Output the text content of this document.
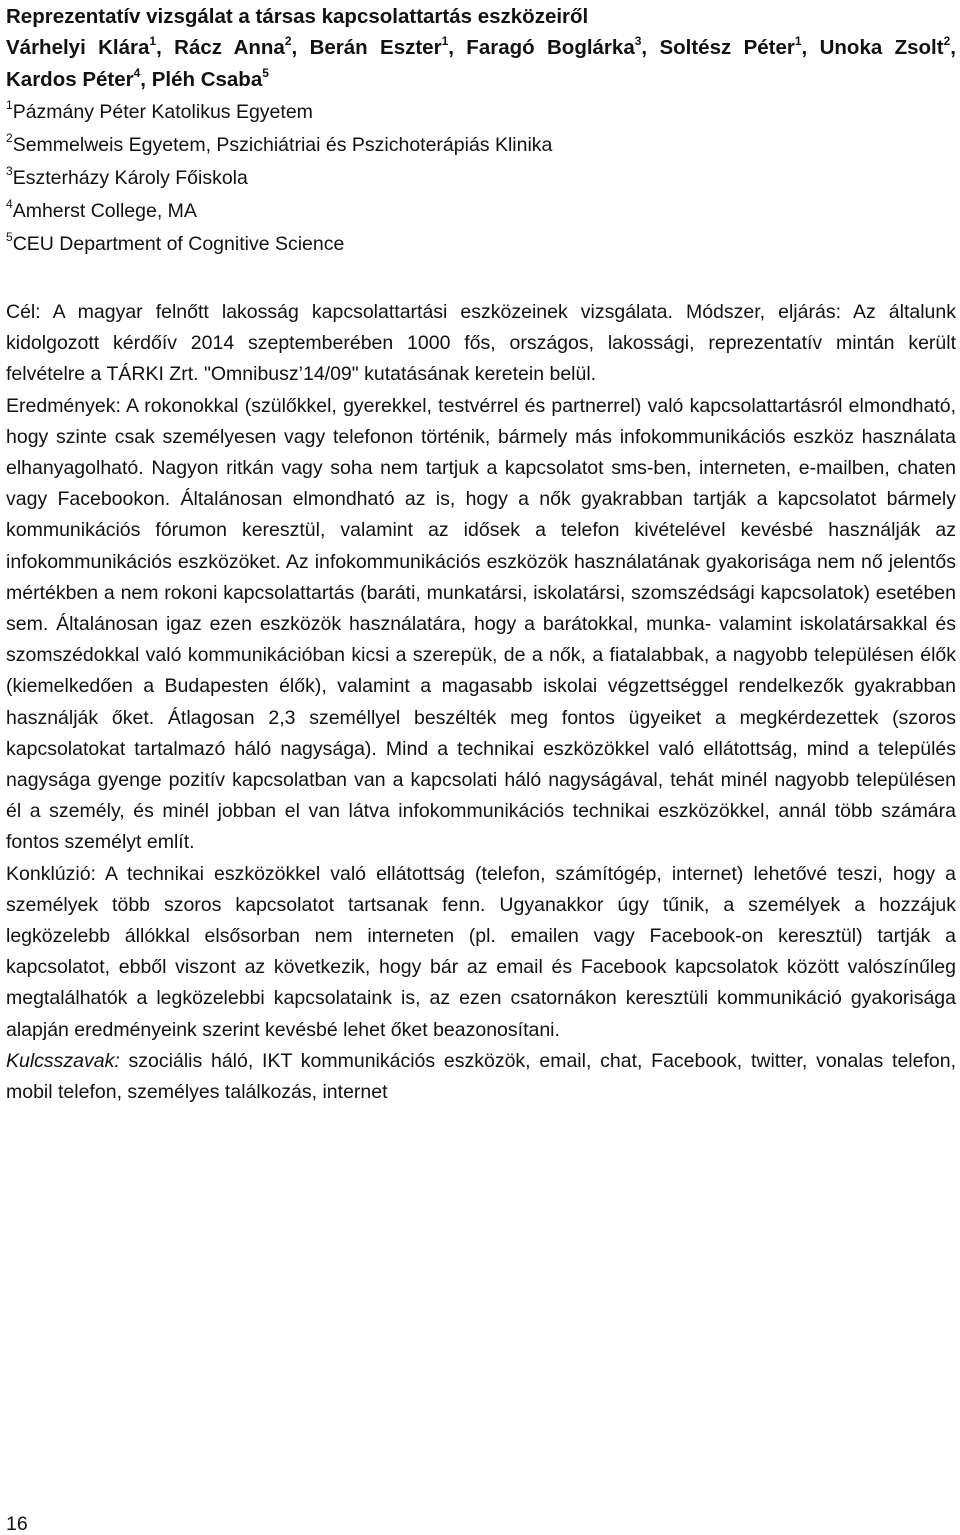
Reprezentatív vizsgálat a társas kapcsolattartás eszközeiről

Várhelyi Klára$^1$, Rácz Anna$^2$, Berán Eszter$^1$, Faragó Boglárka$^3$, Soltész Péter$^1$, Unoka Zsolt$^2$, Kardos Péter$^4$, Pléh Csaba$^5$

$^1$Pázmány Péter Katolikus Egyetem
$^2$Semmelweis Egyetem, Pszichiátriai és Pszichoterápiás Klinika
$^3$Eszterházy Károly Főiskola
$^4$Amherst College, MA
$^5$CEU Department of Cognitive Science

Cél: A magyar felnőtt lakosság kapcsolattartási eszközeinek vizsgálata. Módszer, eljárás: Az általunk kidolgozott kérdőív 2014 szeptemberében 1000 fős, országos, lakossági, reprezentatív mintán került felvételre a TÁRKI Zrt. "Omnibusz’14/09" kutatásának keretein belül.

Eredmények: A rokonokkal (szülőkkel, gyerekkel, testvérrel és partnerrel) való kapcsolattartásról elmondható, hogy szinte csak személyesen vagy telefonon történik, bármely más infokommunikációs eszköz használata elhanyagolható. Nagyon ritkán vagy soha nem tartjuk a kapcsolatot sms-ben, interneten, e-mailben, chaten vagy Facebookon. Általánosan elmondható az is, hogy a nők gyakrabban tartják a kapcsolatot bármely kommunikációs fórumon keresztül, valamint az idősek a telefon kivételével kevésbé használják az infokommunikációs eszközöket. Az infokommunikációs eszközök használatának gyakorisága nem nő jelentős mértékben a nem rokoni kapcsolattartás (baráti, munkatársi, iskolatársi, szomszédsági kapcsolatok) esetében sem. Általánosan igaz ezen eszközök használatára, hogy a barátokkal, munka- valamint iskolatársakkal és szomszédokkal való kommunikációban kicsi a szerepük, de a nők, a fiatalabbak, a nagyobb településen élők (kiemelkedően a Budapesten élők), valamint a magasabb iskolai végzettséggel rendelkezők gyakrabban használják őket. Átlagosan 2,3 személlyel beszélték meg fontos ügyeiket a megkérdezettek (szoros kapcsolatokat tartalmazó háló nagysága). Mind a technikai eszközökkel való ellátottság, mind a település nagysága gyenge pozitív kapcsolatban van a kapcsolati háló nagyságával, tehát minél nagyobb településen él a személy, és minél jobban el van látva infokommunikációs technikai eszközökkel, annál több számára fontos személyt említ.

Konklúzió: A technikai eszközökkel való ellátottság (telefon, számítógép, internet) lehetővé teszi, hogy a személyek több szoros kapcsolatot tartsanak fenn. Ugyanakkor úgy tűnik, a személyek a hozzájuk legközelebb állókkal elsősorban nem interneten (pl. emailen vagy Facebook-on keresztül) tartják a kapcsolatot, ebből viszont az következik, hogy bár az email és Facebook kapcsolatok között valószínűleg megtalálhatók a legközelebbi kapcsolataink is, az ezen csatornákon keresztüli kommunikáció gyakorisága alapján eredményeink szerint kevésbé lehet őket beazonosítani.

Kulcsszavak: szociális háló, IKT kommunikációs eszközök, email, chat, Facebook, twitter, vonalas telefon, mobil telefon, személyes találkozás, internet

16
